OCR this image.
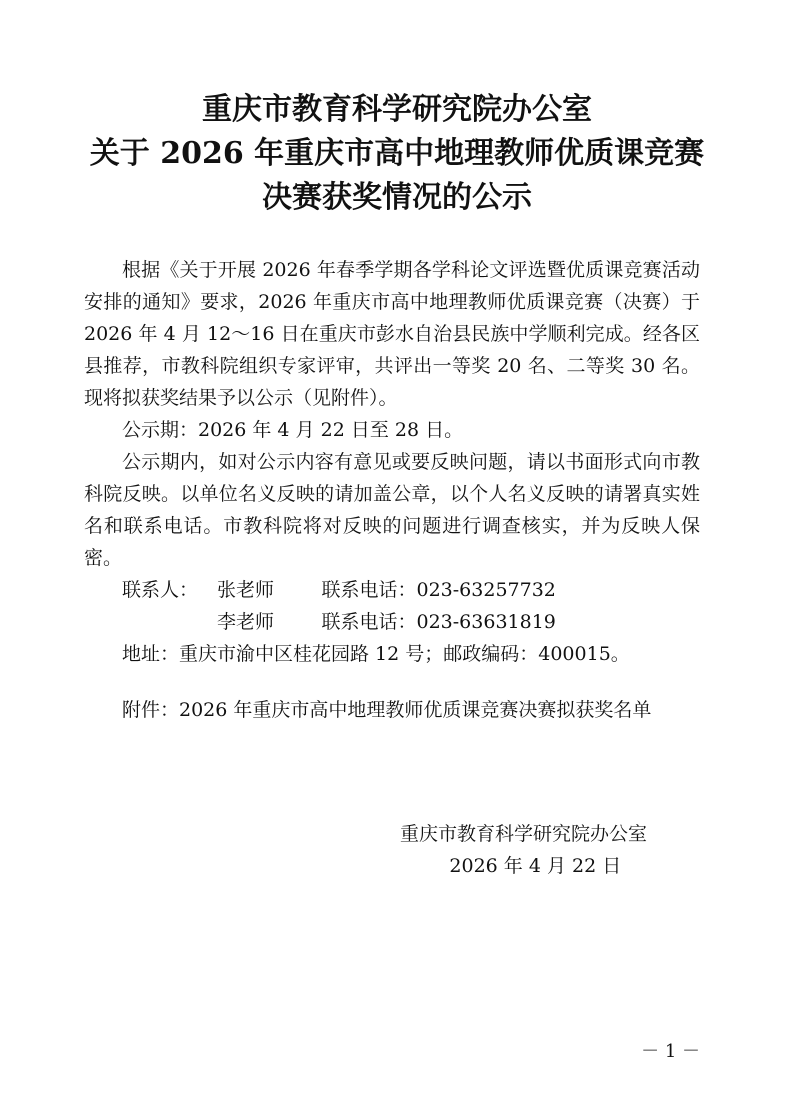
重庆市教育科学研究院办公室
关于 2026 年重庆市高中地理教师优质课竞赛
决赛获奖情况的公示

根据《关于开展 2026 年春季学期各学科论文评选暨优质课竞赛活动安排的通知》要求，2026 年重庆市高中地理教师优质课竞赛（决赛）于 2026 年 4 月 12～16 日在重庆市彭水自治县民族中学顺利完成。经各区县推荐，市教科院组织专家评审，共评出一等奖 20 名、二等奖 30 名。现将拟获奖结果予以公示（见附件）。

公示期：2026 年 4 月 22 日至 28 日。

公示期内，如对公示内容有意见或要反映问题，请以书面形式向市教科院反映。以单位名义反映的请加盖公章，以个人名义反映的请署真实姓名和联系电话。市教科院将对反映的问题进行调查核实，并为反映人保密。

联系人： 张老师 联系电话： 023-63257732
李老师 联系电话： 023-63631819
地址：重庆市渝中区桂花园路 12 号；邮政编码：400015。
附件：2026 年重庆市高中地理教师优质课竞赛决赛拟获奖名单
重庆市教育科学研究院办公室
2026 年 4 月 22 日
－ 1 －
